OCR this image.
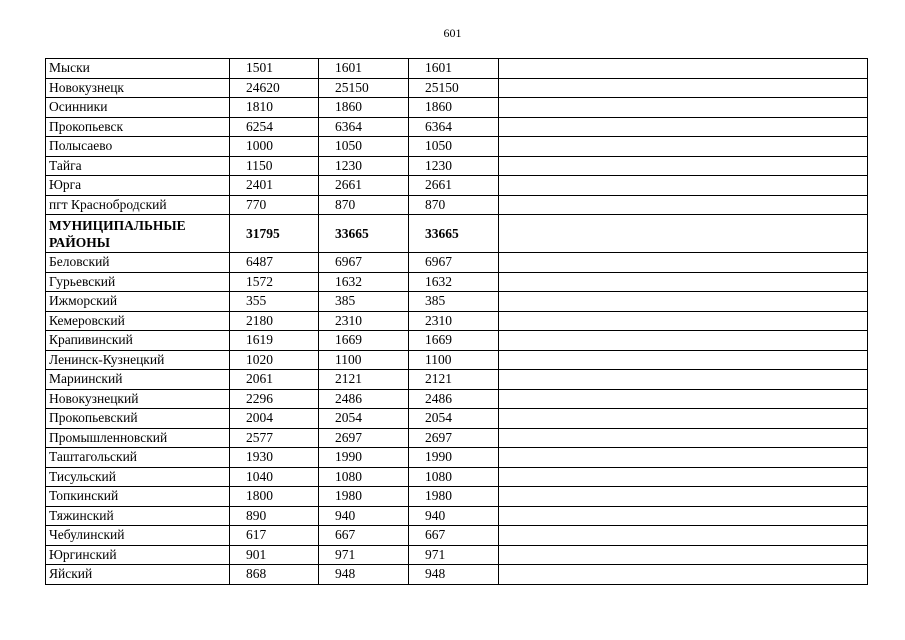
601
Мыски	1501	1601	1601	
Новокузнецк	24620	25150	25150	
Осинники	1810	1860	1860	
Прокопьевск	6254	6364	6364	
Полысаево	1000	1050	1050	
Тайга	1150	1230	1230	
Юрга	2401	2661	2661	
пгт Краснобродский	770	870	870	
МУНИЦИПАЛЬНЫЕ РАЙОНЫ	31795	33665	33665	
Беловский	6487	6967	6967	
Гурьевский	1572	1632	1632	
Ижморский	355	385	385	
Кемеровский	2180	2310	2310	
Крапивинский	1619	1669	1669	
Ленинск-Кузнецкий	1020	1100	1100	
Мариинский	2061	2121	2121	
Новокузнецкий	2296	2486	2486	
Прокопьевский	2004	2054	2054	
Промышленновский	2577	2697	2697	
Таштагольский	1930	1990	1990	
Тисульский	1040	1080	1080	
Топкинский	1800	1980	1980	
Тяжинский	890	940	940	
Чебулинский	617	667	667	
Юргинский	901	971	971	
Яйский	868	948	948	
